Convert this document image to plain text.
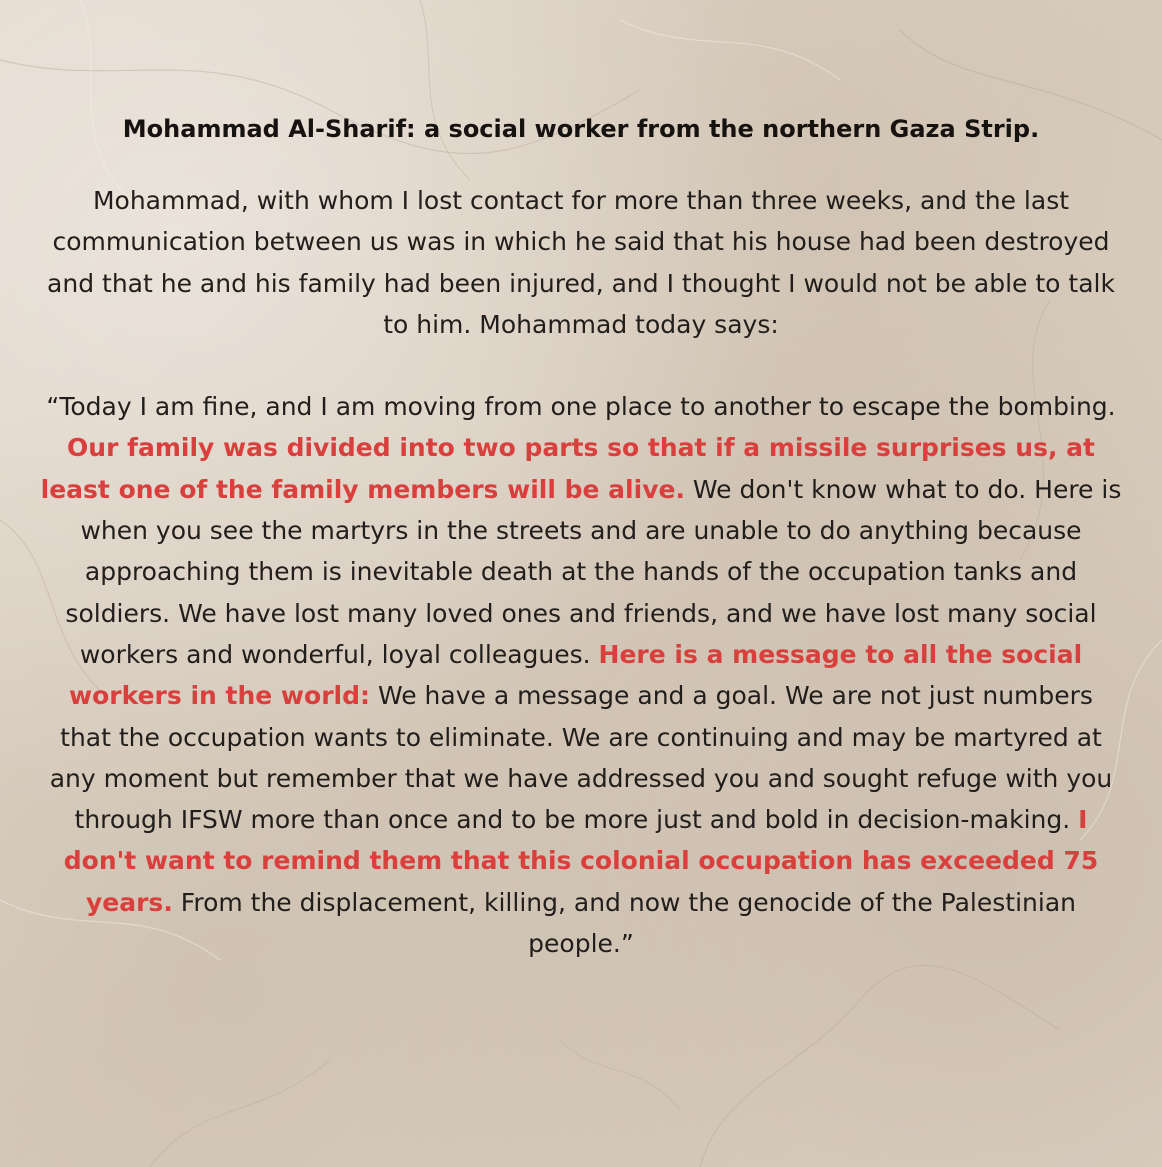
Mohammad Al-Sharif: a social worker from the northern Gaza Strip.

Mohammad, with whom I lost contact for more than three weeks, and the last communication between us was in which he said that his house had been destroyed and that he and his family had been injured, and I thought I would not be able to talk to him. Mohammad today says:

“Today I am fine, and I am moving from one place to another to escape the bombing. Our family was divided into two parts so that if a missile surprises us, at least one of the family members will be alive. We don't know what to do. Here is when you see the martyrs in the streets and are unable to do anything because approaching them is inevitable death at the hands of the occupation tanks and soldiers. We have lost many loved ones and friends, and we have lost many social workers and wonderful, loyal colleagues. Here is a message to all the social workers in the world: We have a message and a goal. We are not just numbers that the occupation wants to eliminate. We are continuing and may be martyred at any moment but remember that we have addressed you and sought refuge with you through IFSW more than once and to be more just and bold in decision-making. I don't want to remind them that this colonial occupation has exceeded 75 years. From the displacement, killing, and now the genocide of the Palestinian people.”
